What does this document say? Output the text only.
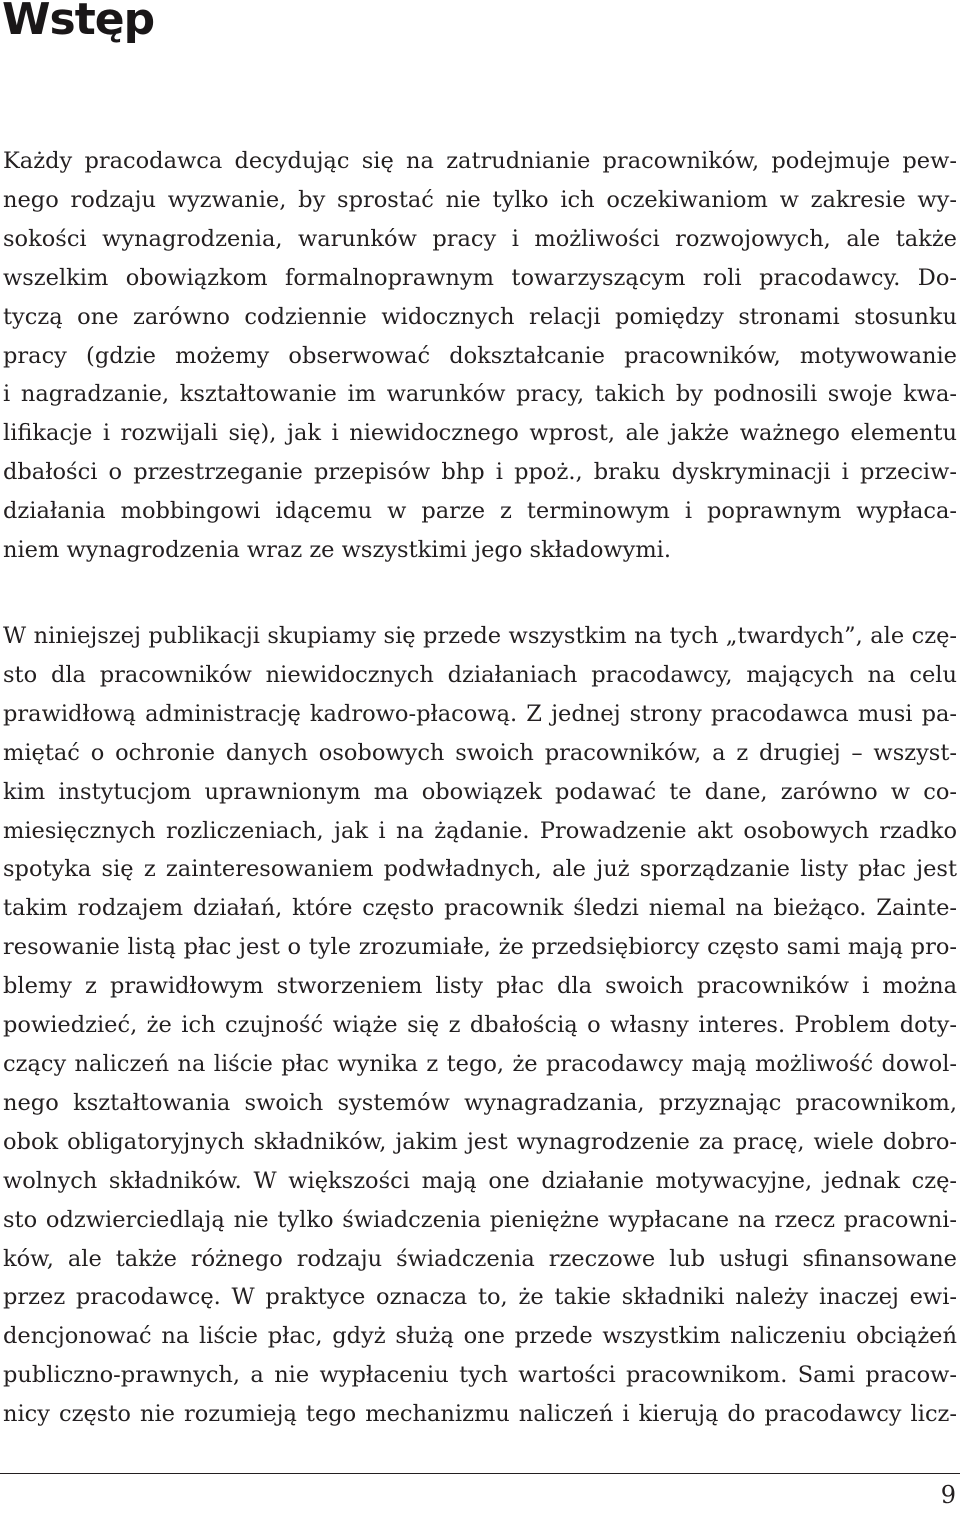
Wstęp

Każdy pracodawca decydując się na zatrudnianie pracowników, podejmuje pew-
nego rodzaju wyzwanie, by sprostać nie tylko ich oczekiwaniom w zakresie wy-
sokości wynagrodzenia, warunków pracy i możliwości rozwojowych, ale także
wszelkim obowiązkom formalnoprawnym towarzyszącym roli pracodawcy. Do-
tyczą one zarówno codziennie widocznych relacji pomiędzy stronami stosunku
pracy (gdzie możemy obserwować dokształcanie pracowników, motywowanie
i nagradzanie, kształtowanie im warunków pracy, takich by podnosili swoje kwa-
lifikacje i rozwijali się), jak i niewidocznego wprost, ale jakże ważnego elementu
dbałości o przestrzeganie przepisów bhp i ppoż., braku dyskryminacji i przeciw-
działania mobbingowi idącemu w parze z terminowym i poprawnym wypłaca-
niem wynagrodzenia wraz ze wszystkimi jego składowymi.

W niniejszej publikacji skupiamy się przede wszystkim na tych „twardych”, ale czę-
sto dla pracowników niewidocznych działaniach pracodawcy, mających na celu
prawidłową administrację kadrowo-płacową. Z jednej strony pracodawca musi pa-
miętać o ochronie danych osobowych swoich pracowników, a z drugiej – wszyst-
kim instytucjom uprawnionym ma obowiązek podawać te dane, zarówno w co-
miesięcznych rozliczeniach, jak i na żądanie. Prowadzenie akt osobowych rzadko
spotyka się z zainteresowaniem podwładnych, ale już sporządzanie listy płac jest
takim rodzajem działań, które często pracownik śledzi niemal na bieżąco. Zainte-
resowanie listą płac jest o tyle zrozumiałe, że przedsiębiorcy często sami mają pro-
blemy z prawidłowym stworzeniem listy płac dla swoich pracowników i można
powiedzieć, że ich czujność wiąże się z dbałością o własny interes. Problem doty-
czący naliczeń na liście płac wynika z tego, że pracodawcy mają możliwość dowol-
nego kształtowania swoich systemów wynagradzania, przyznając pracownikom,
obok obligatoryjnych składników, jakim jest wynagrodzenie za pracę, wiele dobro-
wolnych składników. W większości mają one działanie motywacyjne, jednak czę-
sto odzwierciedlają nie tylko świadczenia pieniężne wypłacane na rzecz pracowni-
ków, ale także różnego rodzaju świadczenia rzeczowe lub usługi sfinansowane
przez pracodawcę. W praktyce oznacza to, że takie składniki należy inaczej ewi-
dencjonować na liście płac, gdyż służą one przede wszystkim naliczeniu obciążeń
publiczno-prawnych, a nie wypłaceniu tych wartości pracownikom. Sami pracow-
nicy często nie rozumieją tego mechanizmu naliczeń i kierują do pracodawcy licz-

9
